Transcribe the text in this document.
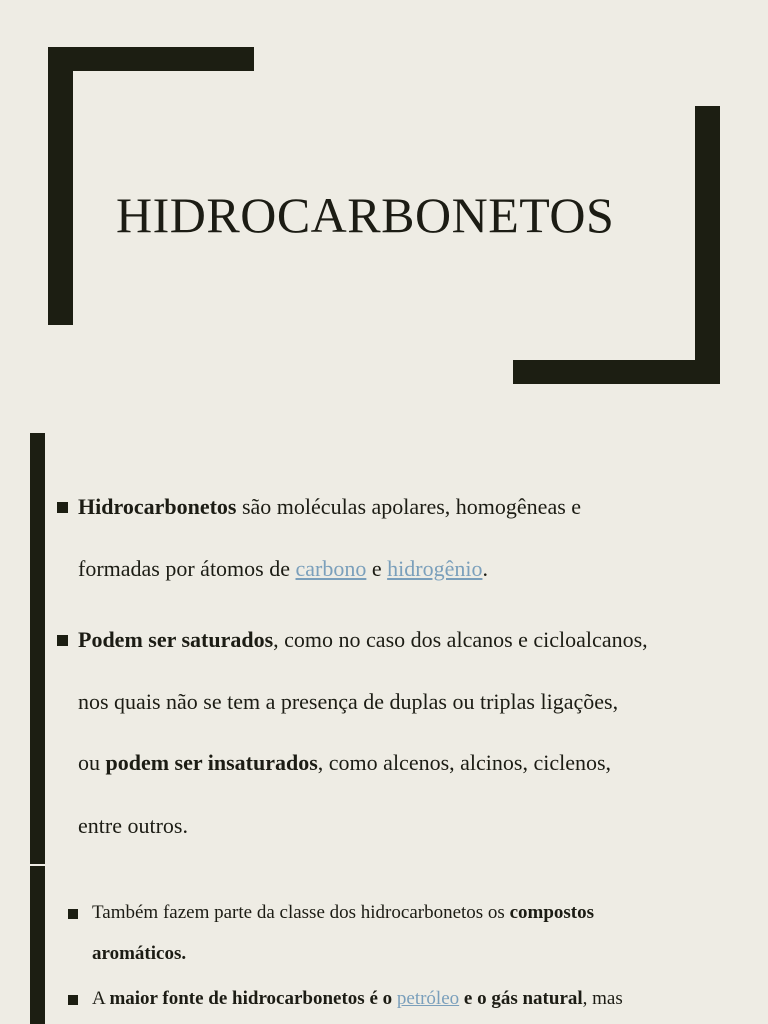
HIDROCARBONETOS
Hidrocarbonetos são moléculas apolares, homogêneas e
formadas por átomos de carbono e hidrogênio.
Podem ser saturados, como no caso dos alcanos e cicloalcanos,
nos quais não se tem a presença de duplas ou triplas ligações,
ou podem ser insaturados, como alcenos, alcinos, ciclenos,
entre outros.
Também fazem parte da classe dos hidrocarbonetos os compostos
aromáticos.
A maior fonte de hidrocarbonetos é o petróleo e o gás natural, mas
